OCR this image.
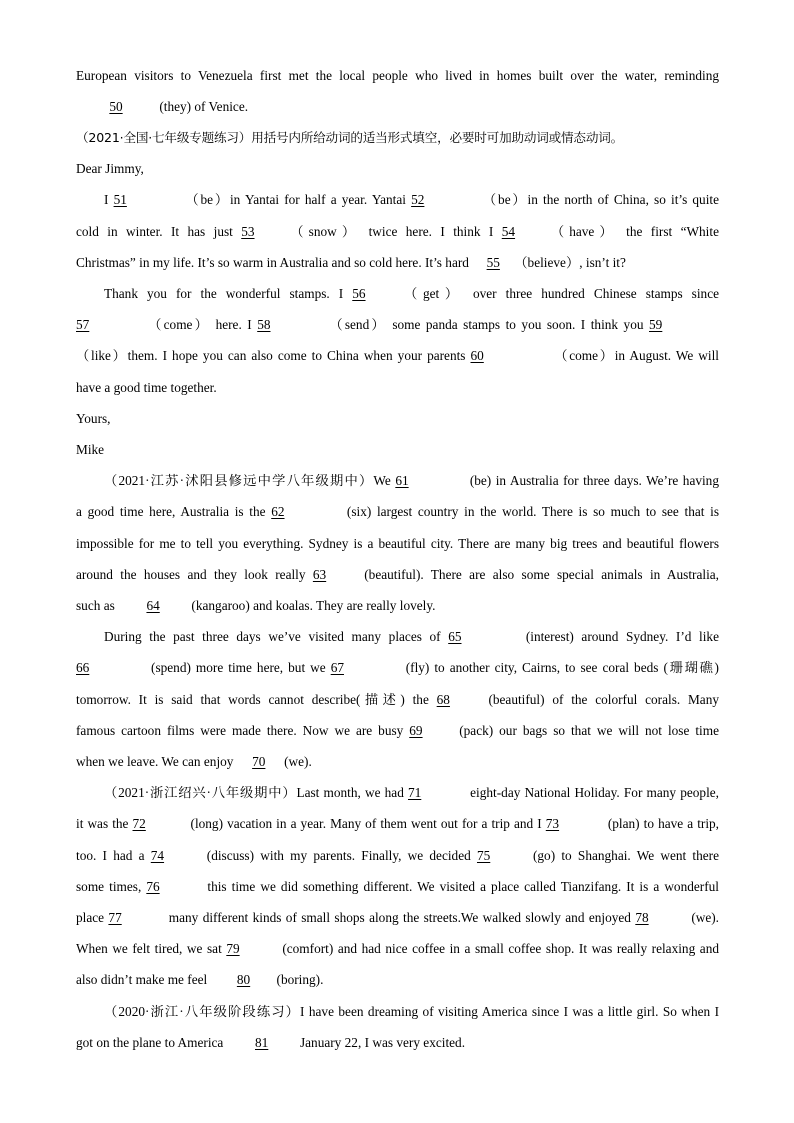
European visitors to Venezuela first met the local people who lived in homes built over the water, reminding
50	(they) of Venice.
（2021·全国·七年级专题练习）用括号内所给动词的适当形式填空，必要时可加助动词或情态动词。
Dear Jimmy,
I 51	（be）in Yantai for half a year. Yantai 52	（be）in the north of China, so it’s quite
cold in winter. It has just 53 （snow） twice here. I think I 54 （have） the first “White
Christmas” in my life. It’s so warm in Australia and so cold here. It’s hard 55 （believe）, isn’t it?
Thank you for the wonderful stamps. I 56 （get） over three hundred Chinese stamps since
57	（come） here. I 58	（send） some panda stamps to you soon. I think you 59
（like）them. I hope you can also come to China when your parents 60	（come）in August. We will
have a good time together.
Yours,
Mike
（2021·江苏·沭阳县修远中学八年级期中）We 61	(be) in Australia for three days. We’re having
a good time here, Australia is the 62	(six) largest country in the world. There is so much to see that is
impossible for me to tell you everything. Sydney is a beautiful city. There are many big trees and beautiful flowers
around the houses and they look really 63 (beautiful). There are also some special animals in Australia,
such as 64 (kangaroo) and koalas. They are really lovely.
During the past three days we’ve visited many places of 65	(interest) around Sydney. I’d like
66	(spend) more time here, but we 67	(fly) to another city, Cairns, to see coral beds (珊瑚礁)
tomorrow. It is said that words cannot describe(描述) the 68 (beautiful) of the colorful corals. Many
famous cartoon films were made there. Now we are busy 69 (pack) our bags so that we will not lose time
when we leave. We can enjoy 70 (we).
（2021·浙江绍兴·八年级期中）Last month, we had 71	eight-day National Holiday. For many people,
it was the 72	(long) vacation in a year. Many of them went out for a trip and I 73	(plan) to have a trip,
too. I had a 74	(discuss) with my parents. Finally, we decided 75	(go) to Shanghai. We went there
some times, 76	this time we did something different. We visited a place called Tianzifang. It is a wonderful
place 77	many different kinds of small shops along the streets.We walked slowly and enjoyed 78	(we).
When we felt tired, we sat 79	(comfort) and had nice coffee in a small coffee shop. It was really relaxing and
also didn’t make me feel 80 (boring).
（2020·浙江·八年级阶段练习）I have been dreaming of visiting America since I was a little girl. So when I
got on the plane to America 81 January 22, I was very excited.
